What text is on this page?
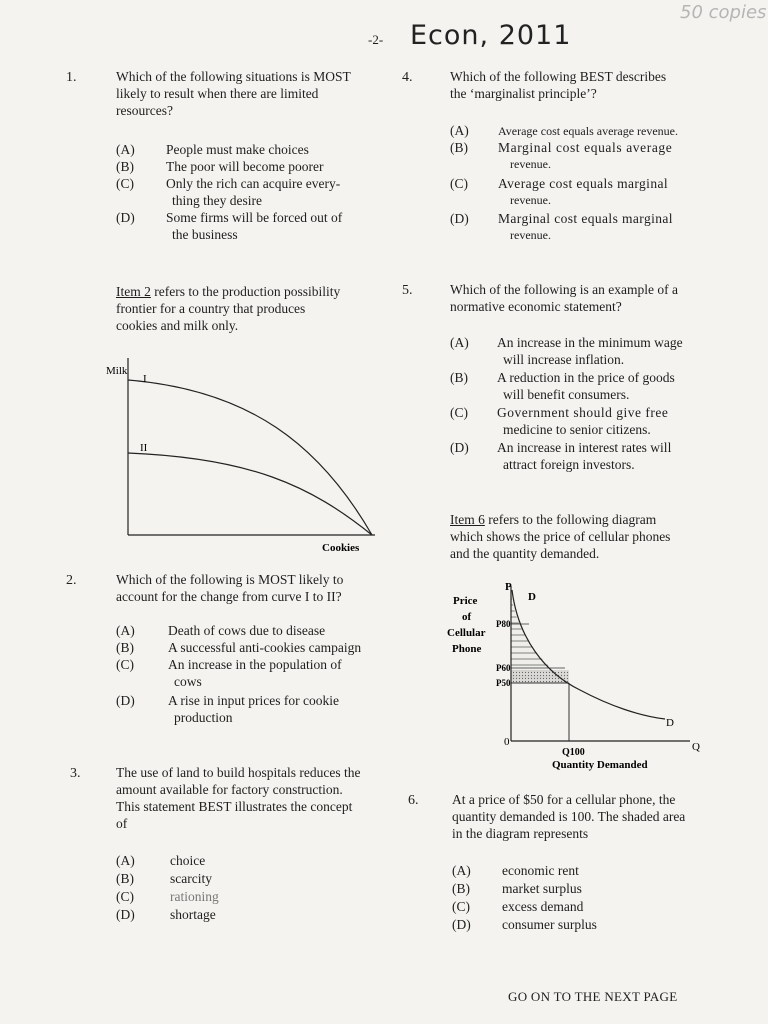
-2- Econ, 2011
50 copies
1.	Which of the following situations is MOST
likely to result when there are limited
resources?
(A)	People must make choices
(B)	The poor will become poorer
(C)	Only the rich can acquire every-
thing they desire
(D)	Some firms will be forced out of
the business
Item 2 refers to the production possibility
frontier for a country that produces
cookies and milk only.
Milk
I
II
Cookies
2.	Which of the following is MOST likely to
account for the change from curve I to II?
(A)	Death of cows due to disease
(B)	A successful anti-cookies campaign
(C)	An increase in the population of
cows
(D)	A rise in input prices for cookie
production
3.	The use of land to build hospitals reduces the
amount available for factory construction.
This statement BEST illustrates the concept
of
(A)	choice
(B)	scarcity
(C)	rationing
(D)	shortage
4.	Which of the following BEST describes
the ‘marginalist principle’?
(A)	Average cost equals average revenue.
(B)	Marginal cost equals average
revenue.
(C)	Average cost equals marginal
revenue.
(D)	Marginal cost equals marginal
revenue.
5.	Which of the following is an example of a
normative economic statement?
(A)	An increase in the minimum wage
will increase inflation.
(B)	A reduction in the price of goods
will benefit consumers.
(C)	Government should give free
medicine to senior citizens.
(D)	An increase in interest rates will
attract foreign investors.
Item 6 refers to the following diagram
which shows the price of cellular phones
and the quantity demanded.
P
D
D
Price
of
Cellular
Phone
P80
P60
P50
0
Q100	Q
Quantity Demanded
6. At a price of $50 for a cellular phone, the
quantity demanded is 100. The shaded area
in the diagram represents
(A)	economic rent
(B)	market surplus
(C)	excess demand
(D)	consumer surplus
GO ON TO THE NEXT PAGE
